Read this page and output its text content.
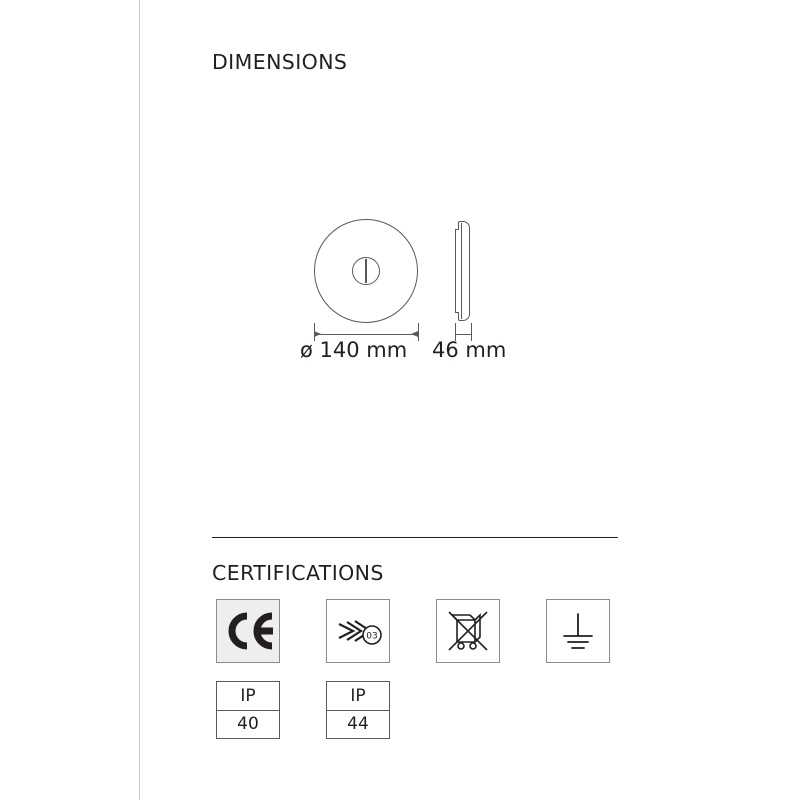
DIMENSIONS
ø 140 mm 46 mm
CERTIFICATIONS
03
IP
40
IP
44
